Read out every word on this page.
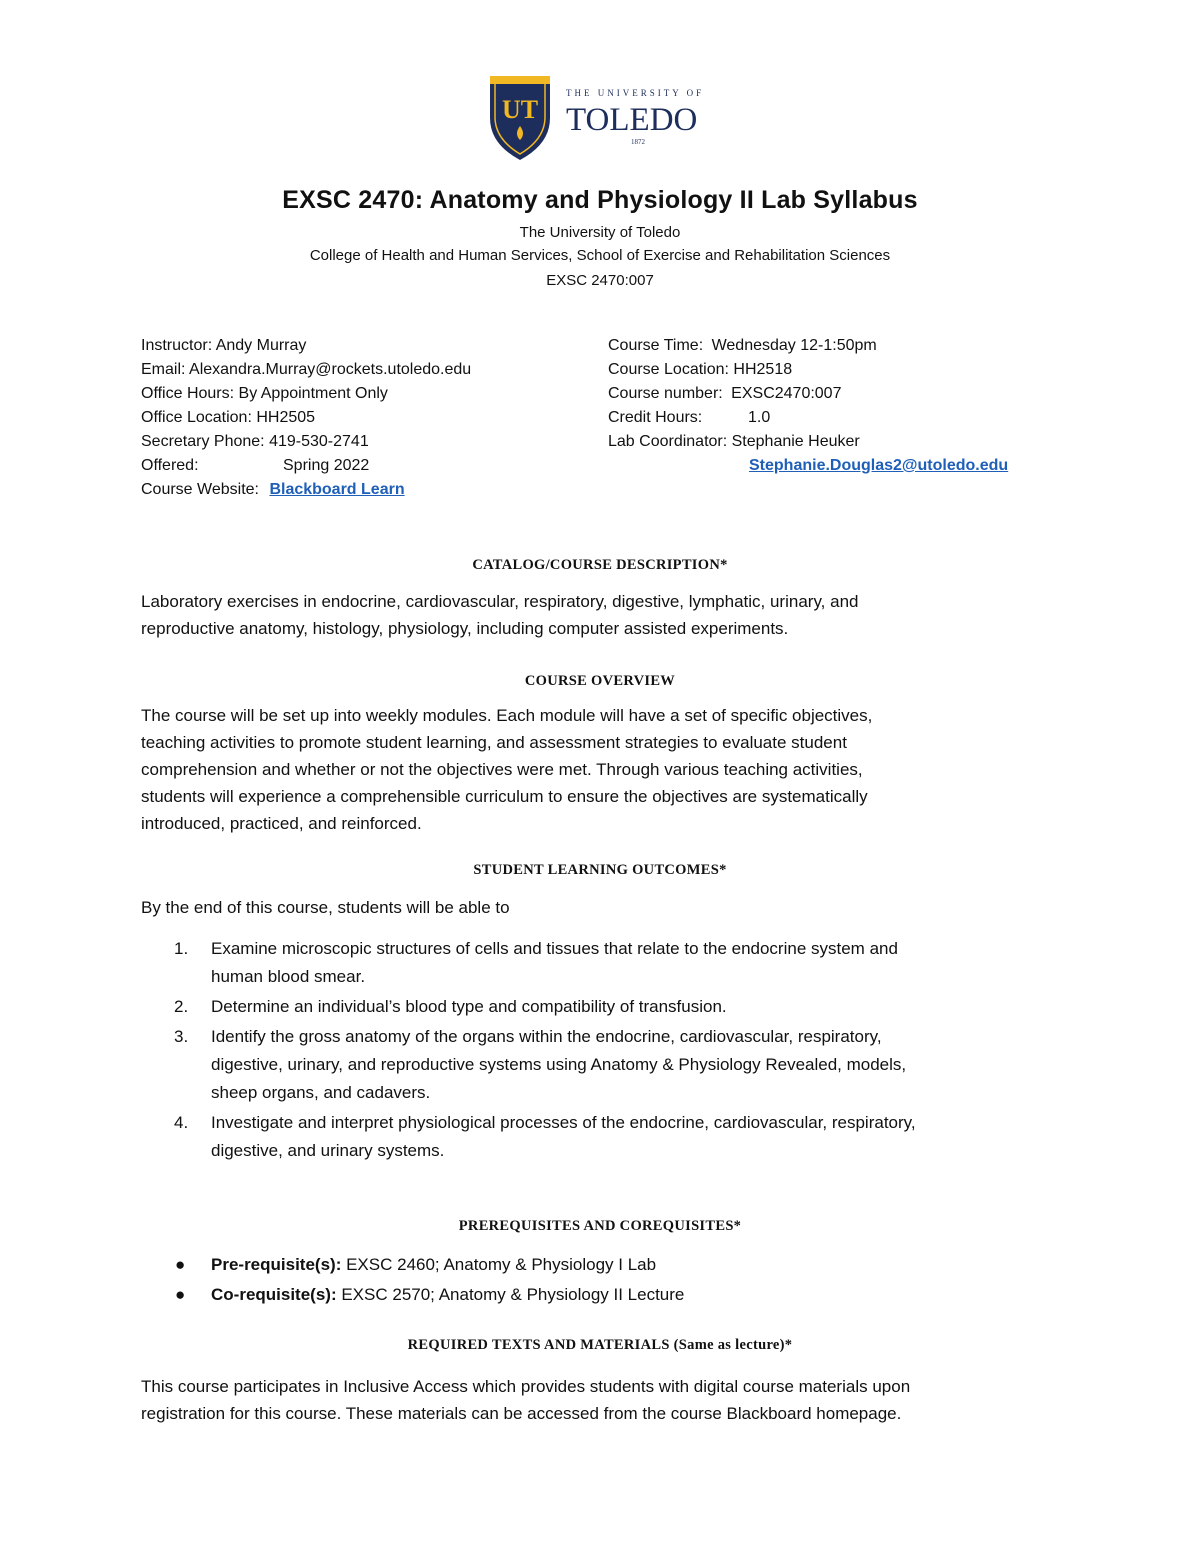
UT
THE UNIVERSITY OF
TOLEDO
1872
EXSC 2470: Anatomy and Physiology II Lab Syllabus
The University of Toledo
College of Health and Human Services, School of Exercise and Rehabilitation Sciences
EXSC 2470:007
Instructor: Andy Murray
Email: Alexandra.Murray@rockets.utoledo.edu
Office Hours: By Appointment Only
Office Location: HH2505
Secretary Phone: 419-530-2741
Offered:	Spring 2022
Course Website: Blackboard Learn
Course Time: Wednesday 12-1:50pm
Course Location: HH2518
Course number: EXSC2470:007
Credit Hours:	1.0
Lab Coordinator: Stephanie Heuker
Stephanie.Douglas2@utoledo.edu
CATALOG/COURSE DESCRIPTION*
Laboratory exercises in endocrine, cardiovascular, respiratory, digestive, lymphatic, urinary, and
reproductive anatomy, histology, physiology, including computer assisted experiments.
COURSE OVERVIEW
The course will be set up into weekly modules. Each module will have a set of specific objectives,
teaching activities to promote student learning, and assessment strategies to evaluate student
comprehension and whether or not the objectives were met. Through various teaching activities,
students will experience a comprehensible curriculum to ensure the objectives are systematically
introduced, practiced, and reinforced.
STUDENT LEARNING OUTCOMES*
By the end of this course, students will be able to
1. Examine microscopic structures of cells and tissues that relate to the endocrine system and
human blood smear.
2. Determine an individual’s blood type and compatibility of transfusion.
3. Identify the gross anatomy of the organs within the endocrine, cardiovascular, respiratory,
digestive, urinary, and reproductive systems using Anatomy & Physiology Revealed, models,
sheep organs, and cadavers.
4. Investigate and interpret physiological processes of the endocrine, cardiovascular, respiratory,
digestive, and urinary systems.
PREREQUISITES AND COREQUISITES*
● Pre-requisite(s): EXSC 2460; Anatomy & Physiology I Lab
● Co-requisite(s): EXSC 2570; Anatomy & Physiology II Lecture
REQUIRED TEXTS AND MATERIALS (Same as lecture)*
This course participates in Inclusive Access which provides students with digital course materials upon
registration for this course. These materials can be accessed from the course Blackboard homepage.
